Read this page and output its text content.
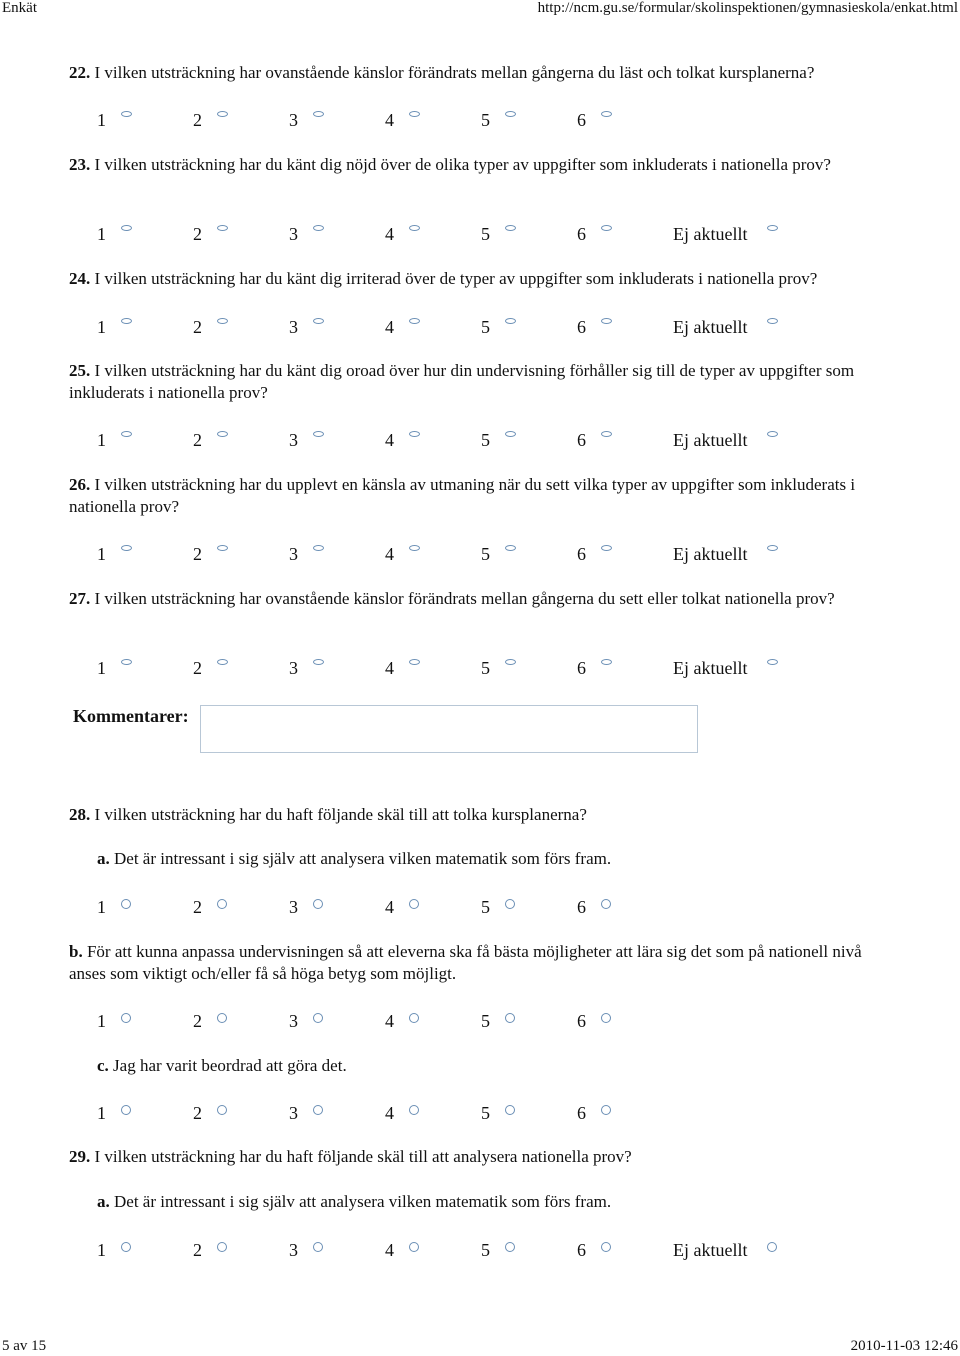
Enkät	http://ncm.gu.se/formular/skolinspektionen/gymnasieskola/enkat.html
22. I vilken utsträckning har ovanstående känslor förändrats mellan gångerna du läst och tolkat kursplanerna?
1	2	3	4	5	6
23. I vilken utsträckning har du känt dig nöjd över de olika typer av uppgifter som inkluderats i nationella prov?
1	2	3	4	5	6	Ej aktuellt
24. I vilken utsträckning har du känt dig irriterad över de typer av uppgifter som inkluderats i nationella prov?
1	2	3	4	5	6	Ej aktuellt
25. I vilken utsträckning har du känt dig oroad över hur din undervisning förhåller sig till de typer av uppgifter som inkluderats i nationella prov?
1	2	3	4	5	6	Ej aktuellt
26. I vilken utsträckning har du upplevt en känsla av utmaning när du sett vilka typer av uppgifter som inkluderats i nationella prov?
1	2	3	4	5	6	Ej aktuellt
27. I vilken utsträckning har ovanstående känslor förändrats mellan gångerna du sett eller tolkat nationella prov?
1	2	3	4	5	6	Ej aktuellt
Kommentarer:
28. I vilken utsträckning har du haft följande skäl till att tolka kursplanerna?
a. Det är intressant i sig själv att analysera vilken matematik som förs fram.
1	2	3	4	5	6
b. För att kunna anpassa undervisningen så att eleverna ska få bästa möjligheter att lära sig det som på nationell nivå anses som viktigt och/eller få så höga betyg som möjligt.
1	2	3	4	5	6
c. Jag har varit beordrad att göra det.
1	2	3	4	5	6
29. I vilken utsträckning har du haft följande skäl till att analysera nationella prov?
a. Det är intressant i sig själv att analysera vilken matematik som förs fram.
1	2	3	4	5	6	Ej aktuellt
5 av 15	2010-11-03 12:46
